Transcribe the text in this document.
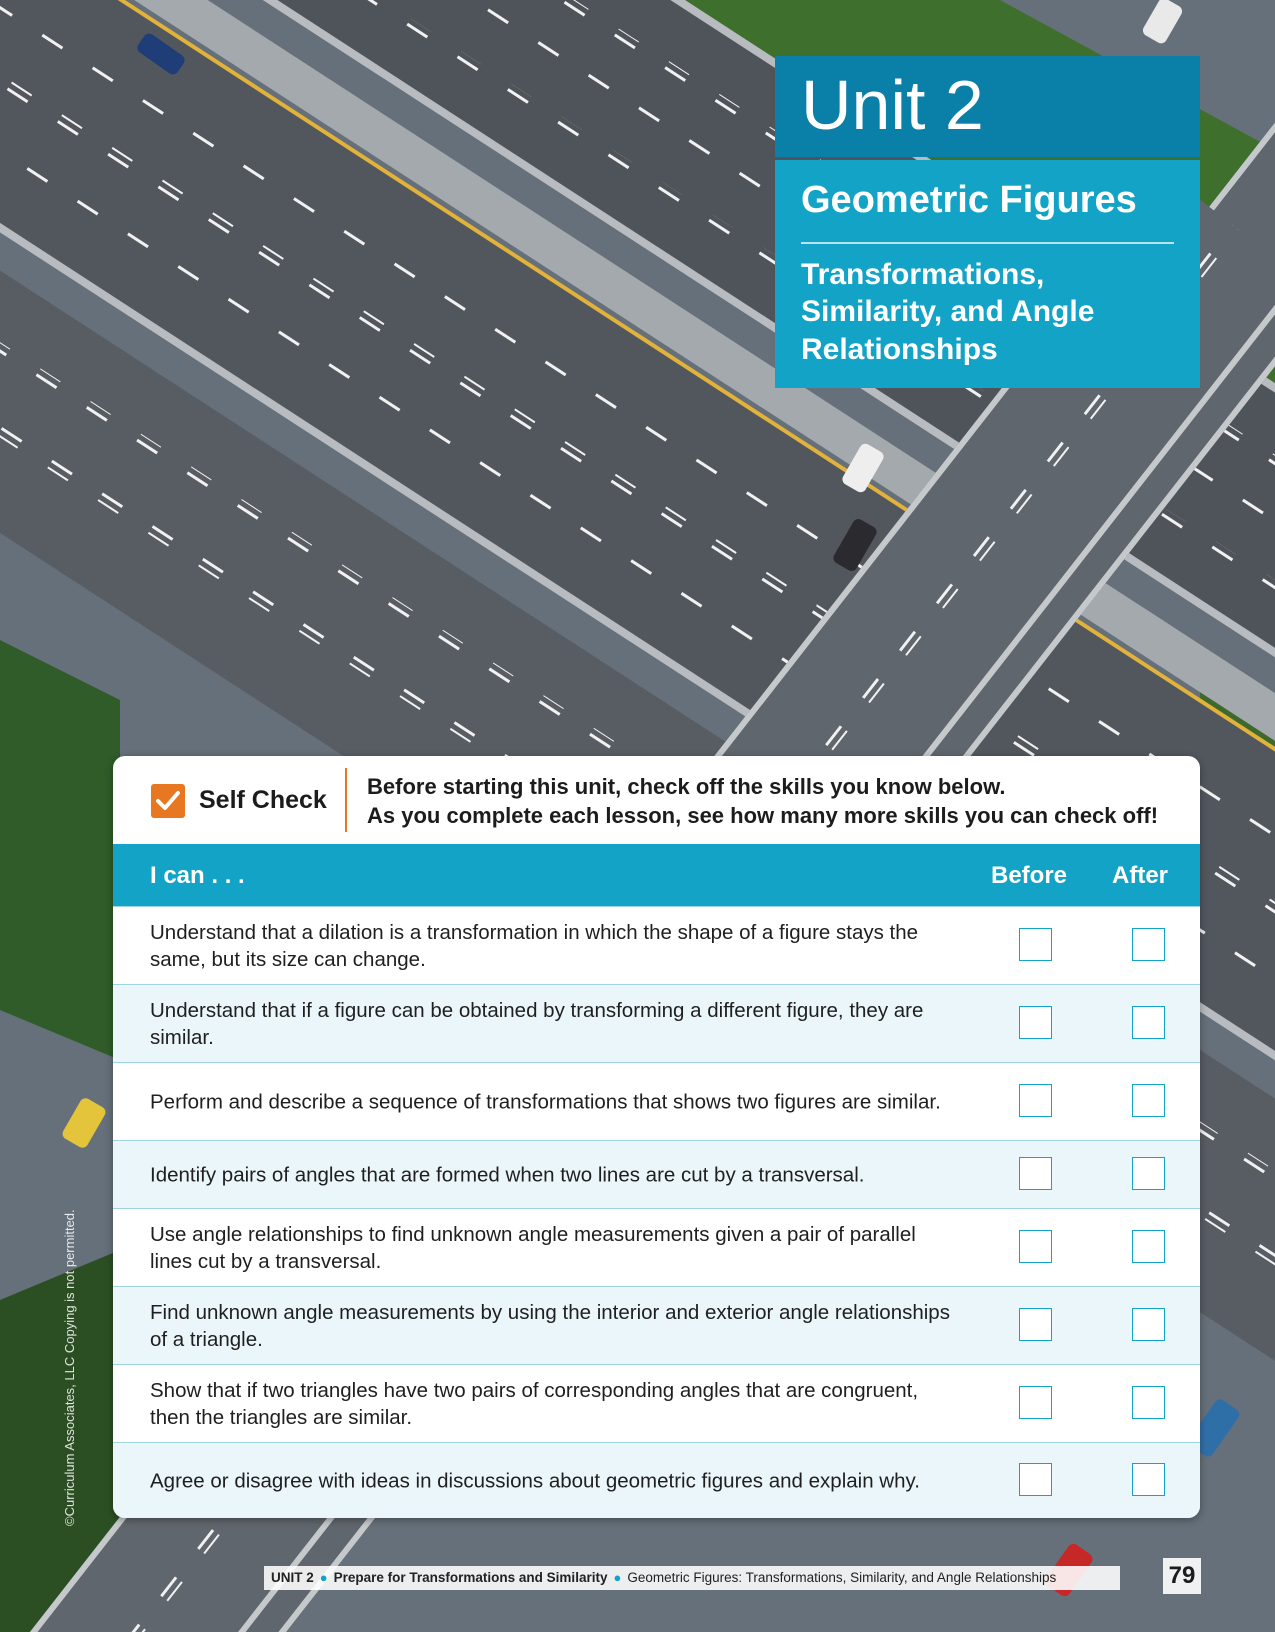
Unit 2
Geometric Figures
Transformations, Similarity, and Angle Relationships
Self Check Before starting this unit, check off the skills you know below.
As you complete each lesson, see how many more skills you can check off!
I can . . .	Before After
Understand that a dilation is a transformation in which the shape of a figure stays the same, but its size can change.
Understand that if a figure can be obtained by transforming a different figure, they are similar.
Perform and describe a sequence of transformations that shows two figures are similar.
Identify pairs of angles that are formed when two lines are cut by a transversal.
Use angle relationships to find unknown angle measurements given a pair of parallel lines cut by a transversal.
Find unknown angle measurements by using the interior and exterior angle relationships of a triangle.
Show that if two triangles have two pairs of corresponding angles that are congruent, then the triangles are similar.
Agree or disagree with ideas in discussions about geometric figures and explain why.
©Curriculum Associates, LLC Copying is not permitted.
UNIT 2 ● Prepare for Transformations and Similarity ● Geometric Figures: Transformations, Similarity, and Angle Relationships	79
